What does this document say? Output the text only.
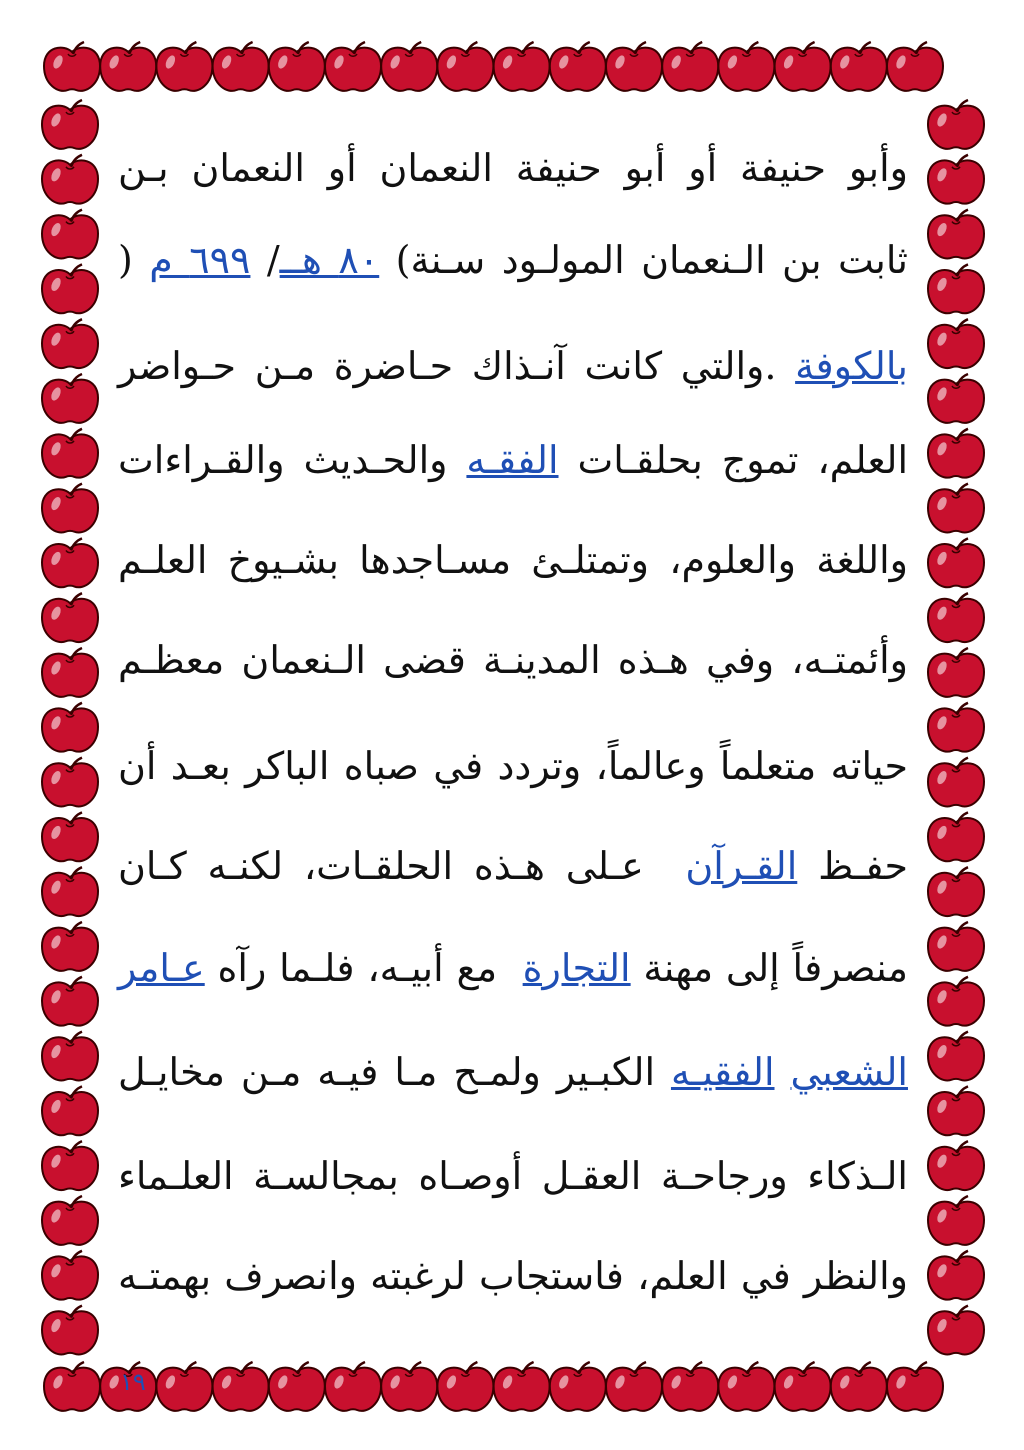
وأبو حنيفة أو أبو حنيفة النعمان أو النعمان بـن
ثابت بن الـنعمان المولـود سـنة) ٨٠ هــ/ ٦٩٩ م (
بالكوفة .والتي كانت آنـذاك حـاضرة مـن حـواضر
العلم، تموج بحلقـات الفقـه والحـديث والقـراءات
واللغة والعلوم، وتمتلـئ مسـاجدها بشـيوخ العلـم
وأئمتـه، وفي هـذه المدينـة قضى الـنعمان معظـم
حياته متعلماً وعالماً، وتردد في صباه الباكر بعـد أن
حفـظ القـرآن  عـلى هـذه الحلقـات، لكنـه كـان
منصرفاً إلى مهنة التجارة  مع أبيـه، فلـما رآه عـامر
الشعبي الفقيـه الكبـير ولمـح مـا فيـه مـن مخايـل
الـذكاء ورجاحـة العقـل أوصـاه بمجالسـة العلـماء
والنظر في العلم، فاستجاب لرغبته وانصرف بهمتـه
١٩
